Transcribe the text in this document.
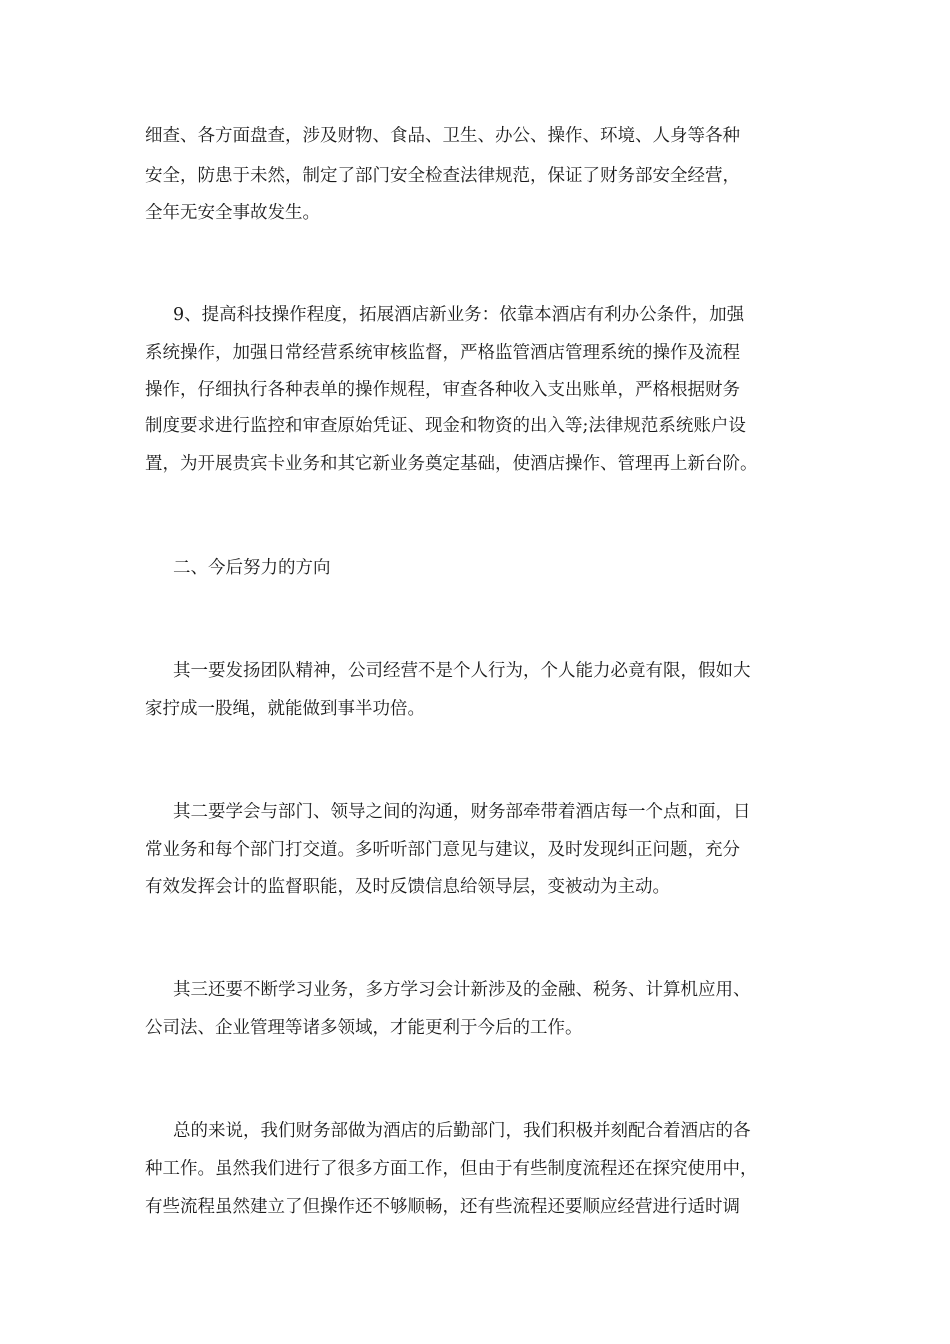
细查、各方面盘查，涉及财物、食品、卫生、办公、操作、环境、人身等各种

安全，防患于未然，制定了部门安全检查法律规范，保证了财务部安全经营，

全年无安全事故发生。

9、提高科技操作程度，拓展酒店新业务：依靠本酒店有利办公条件，加强

系统操作，加强日常经营系统审核监督，严格监管酒店管理系统的操作及流程

操作，仔细执行各种表单的操作规程，审查各种收入支出账单，严格根据财务

制度要求进行监控和审查原始凭证、现金和物资的出入等;法律规范系统账户设

置，为开展贵宾卡业务和其它新业务奠定基础，使酒店操作、管理再上新台阶。

二、今后努力的方向

其一要发扬团队精神，公司经营不是个人行为，个人能力必竟有限，假如大

家拧成一股绳，就能做到事半功倍。

其二要学会与部门、领导之间的沟通，财务部牵带着酒店每一个点和面，日

常业务和每个部门打交道。多听听部门意见与建议，及时发现纠正问题，充分

有效发挥会计的监督职能，及时反馈信息给领导层，变被动为主动。

其三还要不断学习业务，多方学习会计新涉及的金融、税务、计算机应用、

公司法、企业管理等诸多领域，才能更利于今后的工作。

总的来说，我们财务部做为酒店的后勤部门，我们积极并刻配合着酒店的各

种工作。虽然我们进行了很多方面工作，但由于有些制度流程还在探究使用中，

有些流程虽然建立了但操作还不够顺畅，还有些流程还要顺应经营进行适时调
